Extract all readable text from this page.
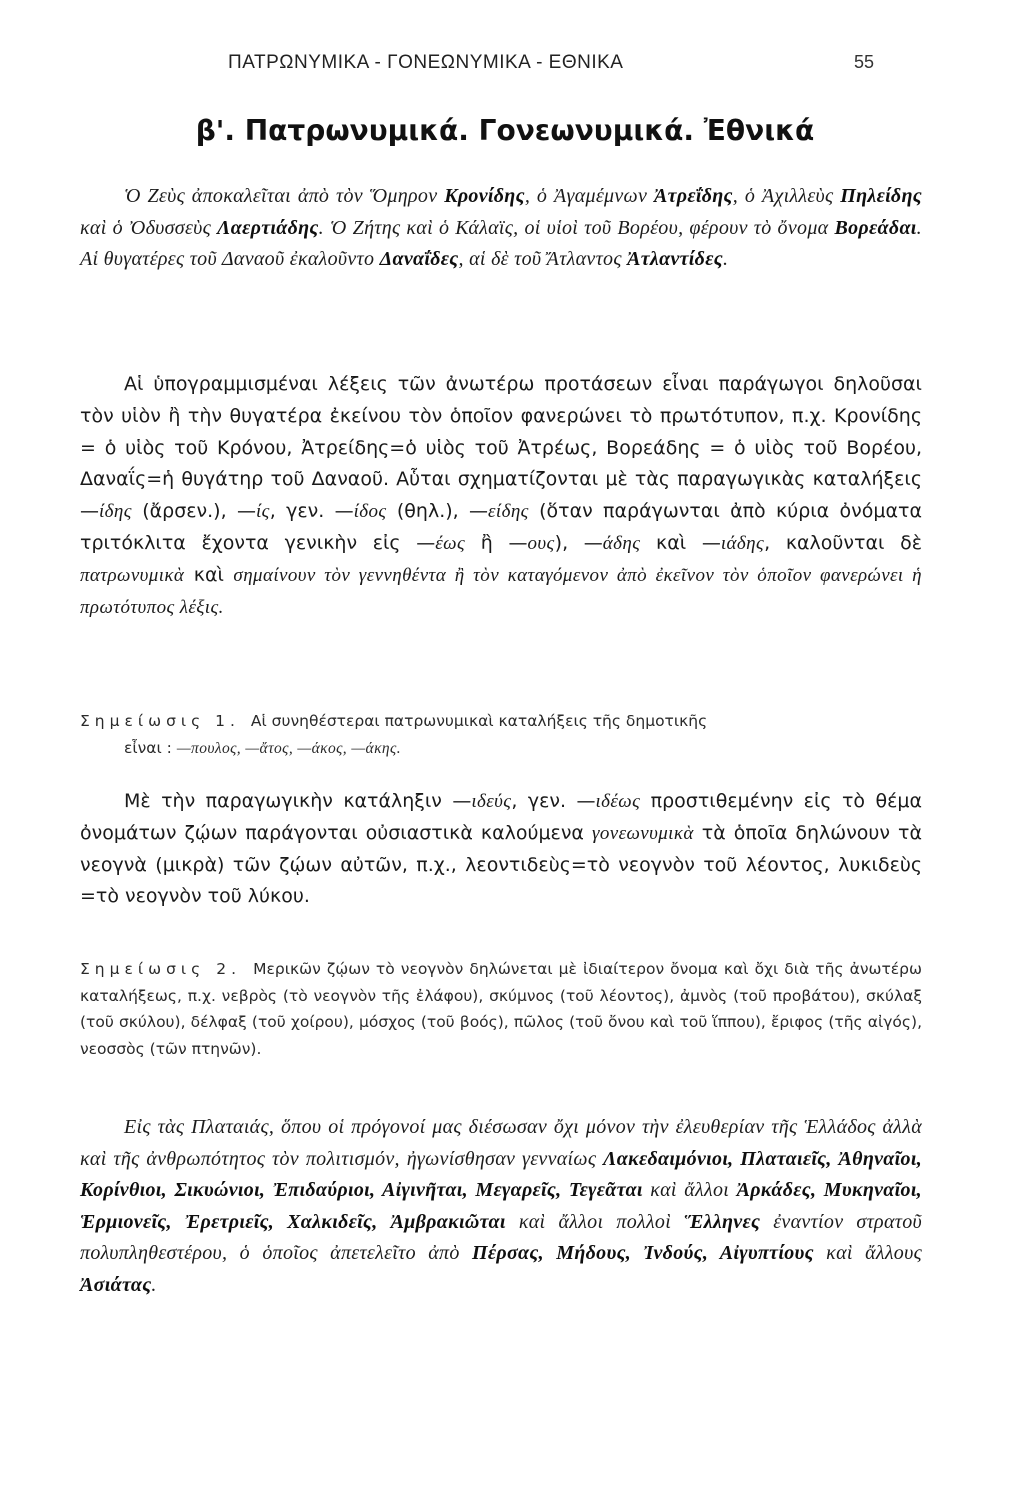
ΠΑΤΡΩΝΥΜΙΚΑ - ΓΟΝΕΩΝΥΜΙΚΑ - ΕΘΝΙΚΑ	55
β'. Πατρωνυμικά. Γονεωνυμικά. Ἐθνικά

Ὁ Ζεὺς ἀποκαλεῖται ἀπὸ τὸν Ὅμηρον Κρονίδης, ὁ Ἀγαμέμνων Ἀτρεΐδης, ὁ Ἀχιλλεὺς Πηλείδης καὶ ὁ Ὀδυσσεὺς Λαερτιάδης. Ὁ Ζήτης καὶ ὁ Κάλαϊς, οἱ υἱοὶ τοῦ Βορέου, φέρουν τὸ ὄνομα Βορεάδαι. Αἱ θυγατέρες τοῦ Δαναοῦ ἐκαλοῦντο Δαναΐδες, αἱ δὲ τοῦ Ἄτλαντος Ἀτλαντίδες.

Αἱ ὑπογραμμισμέναι λέξεις τῶν ἀνωτέρω προτάσεων εἶναι παράγωγοι δηλοῦσαι τὸν υἱὸν ἢ τὴν θυγατέρα ἐκείνου τὸν ὁποῖον φανερώνει τὸ πρωτότυπον, π.χ. Κρονίδης = ὁ υἱὸς τοῦ Κρόνου, Ἀτρείδης=ὁ υἱὸς τοῦ Ἀτρέως, Βορεάδης = ὁ υἱὸς τοῦ Βορέου, Δαναΐς=ἡ θυγάτηρ τοῦ Δαναοῦ. Αὗται σχηματίζονται μὲ τὰς παραγωγικὰς καταλήξεις —ίδης (ἄρσεν.), —ίς, γεν. —ίδος (θηλ.), —είδης (ὅταν παράγωνται ἀπὸ κύρια ὀνόματα τριτόκλιτα ἔχοντα γενικὴν εἰς —έως ἢ —ους), —άδης καὶ —ιάδης, καλοῦνται δὲ πατρωνυμικὰ καὶ σημαίνουν τὸν γεννηθέντα ἢ τὸν καταγόμενον ἀπὸ ἐκεῖνον τὸν ὁποῖον φανερώνει ἡ πρωτότυπος λέξις.

Σημείωσις 1. Αἱ συνηθέστεραι πατρωνυμικαὶ καταλήξεις τῆς δημοτικῆς
εἶναι : —πουλος, —ἄτος, —άκος, —άκης.

Μὲ τὴν παραγωγικὴν κατάληξιν —ιδεύς, γεν. —ιδέως προστιθεμένην εἰς τὸ θέμα ὀνομάτων ζῴων παράγονται οὐσιαστικὰ καλούμενα γονεωνυμικὰ τὰ ὁποῖα δηλώνουν τὰ νεογνὰ (μικρὰ) τῶν ζῴων αὐτῶν, π.χ., λεοντιδεὺς=τὸ νεογνὸν τοῦ λέοντος, λυκιδεὺς =τὸ νεογνὸν τοῦ λύκου.

Σημείωσις 2. Μερικῶν ζῴων τὸ νεογνὸν δηλώνεται μὲ ἰδιαίτερον ὄνομα καὶ ὄχι διὰ τῆς ἀνωτέρω καταλήξεως, π.χ. νεβρὸς (τὸ νεογνὸν τῆς ἐλάφου), σκύμνος (τοῦ λέοντος), ἀμνὸς (τοῦ προβάτου), σκύλαξ (τοῦ σκύλου), δέλφαξ (τοῦ χοίρου), μόσχος (τοῦ βοός), πῶλος (τοῦ ὄνου καὶ τοῦ ἵππου), ἔριφος (τῆς αἰγός), νεοσσὸς (τῶν πτηνῶν).

Εἰς τὰς Πλαταιάς, ὅπου οἱ πρόγονοί μας διέσωσαν ὄχι μόνον τὴν ἐλευθερίαν τῆς Ἑλλάδος ἀλλὰ καὶ τῆς ἀνθρωπότητος τὸν πολιτισμόν, ἠγωνίσθησαν γενναίως Λακεδαιμόνιοι, Πλαταιεῖς, Ἀθηναῖοι, Κορίνθιοι, Σικυώνιοι, Ἐπιδαύριοι, Αἰγινῆται, Μεγαρεῖς, Τεγεᾶται καὶ ἄλλοι Ἀρκάδες, Μυκηναῖοι, Ἑρμιονεῖς, Ἐρετριεῖς, Χαλκιδεῖς, Ἀμβρακιῶται καὶ ἄλλοι πολλοὶ Ἕλληνες ἐναντίον στρατοῦ πολυπληθεστέρου, ὁ ὁποῖος ἀπετελεῖτο ἀπὸ Πέρσας, Μήδους, Ἰνδούς, Αἰγυπτίους καὶ ἄλλους Ἀσιάτας.
